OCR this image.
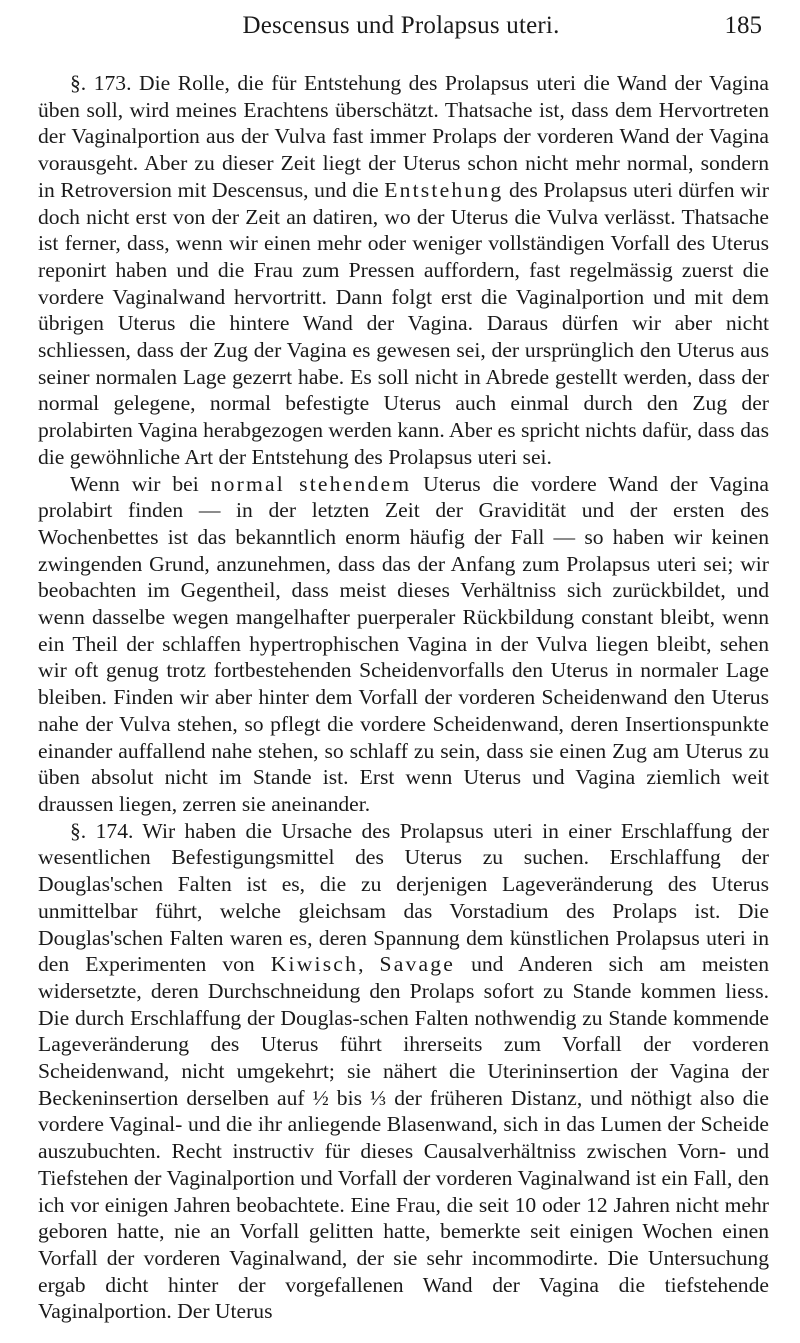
Descensus und Prolapsus uteri.	185

§. 173. Die Rolle, die für Entstehung des Prolapsus uteri die Wand der Vagina üben soll, wird meines Erachtens überschätzt. Thatsache ist, dass dem Hervortreten der Vaginalportion aus der Vulva fast immer Prolaps der vorderen Wand der Vagina vorausgeht. Aber zu dieser Zeit liegt der Uterus schon nicht mehr normal, sondern in Retroversion mit Descensus, und die Entstehung des Prolapsus uteri dürfen wir doch nicht erst von der Zeit an datiren, wo der Uterus die Vulva verlässt. Thatsache ist ferner, dass, wenn wir einen mehr oder weniger vollständigen Vorfall des Uterus reponirt haben und die Frau zum Pressen auffordern, fast regelmässig zuerst die vordere Vaginalwand hervortritt. Dann folgt erst die Vaginalportion und mit dem übrigen Uterus die hintere Wand der Vagina. Daraus dürfen wir aber nicht schliessen, dass der Zug der Vagina es gewesen sei, der ursprünglich den Uterus aus seiner normalen Lage gezerrt habe. Es soll nicht in Abrede gestellt werden, dass der normal gelegene, normal befestigte Uterus auch einmal durch den Zug der prolabirten Vagina herabgezogen werden kann. Aber es spricht nichts dafür, dass das die gewöhnliche Art der Entstehung des Prolapsus uteri sei.

Wenn wir bei normal stehendem Uterus die vordere Wand der Vagina prolabirt finden — in der letzten Zeit der Gravidität und der ersten des Wochenbettes ist das bekanntlich enorm häufig der Fall — so haben wir keinen zwingenden Grund, anzunehmen, dass das der Anfang zum Prolapsus uteri sei; wir beobachten im Gegentheil, dass meist dieses Verhältniss sich zurückbildet, und wenn dasselbe wegen mangelhafter puerperaler Rückbildung constant bleibt, wenn ein Theil der schlaffen hypertrophischen Vagina in der Vulva liegen bleibt, sehen wir oft genug trotz fortbestehenden Scheidenvorfalls den Uterus in normaler Lage bleiben. Finden wir aber hinter dem Vorfall der vorderen Scheidenwand den Uterus nahe der Vulva stehen, so pflegt die vordere Scheidenwand, deren Insertionspunkte einander auffallend nahe stehen, so schlaff zu sein, dass sie einen Zug am Uterus zu üben absolut nicht im Stande ist. Erst wenn Uterus und Vagina ziemlich weit draussen liegen, zerren sie aneinander.

§. 174. Wir haben die Ursache des Prolapsus uteri in einer Erschlaffung der wesentlichen Befestigungsmittel des Uterus zu suchen. Erschlaffung der Douglas'schen Falten ist es, die zu derjenigen Lageveränderung des Uterus unmittelbar führt, welche gleichsam das Vorstadium des Prolaps ist. Die Douglas'schen Falten waren es, deren Spannung dem künstlichen Prolapsus uteri in den Experimenten von Kiwisch, Savage und Anderen sich am meisten widersetzte, deren Durchschneidung den Prolaps sofort zu Stande kommen liess. Die durch Erschlaffung der Douglas-schen Falten nothwendig zu Stande kommende Lageveränderung des Uterus führt ihrerseits zum Vorfall der vorderen Scheidenwand, nicht umgekehrt; sie nähert die Uterininsertion der Vagina der Beckeninsertion derselben auf ½ bis ⅓ der früheren Distanz, und nöthigt also die vordere Vaginal- und die ihr anliegende Blasenwand, sich in das Lumen der Scheide auszubuchten. Recht instructiv für dieses Causalverhältniss zwischen Vorn- und Tiefstehen der Vaginalportion und Vorfall der vorderen Vaginalwand ist ein Fall, den ich vor einigen Jahren beobachtete. Eine Frau, die seit 10 oder 12 Jahren nicht mehr geboren hatte, nie an Vorfall gelitten hatte, bemerkte seit einigen Wochen einen Vorfall der vorderen Vaginalwand, der sie sehr incommodirte. Die Untersuchung ergab dicht hinter der vorgefallenen Wand der Vagina die tiefstehende Vaginalportion. Der Uterus
